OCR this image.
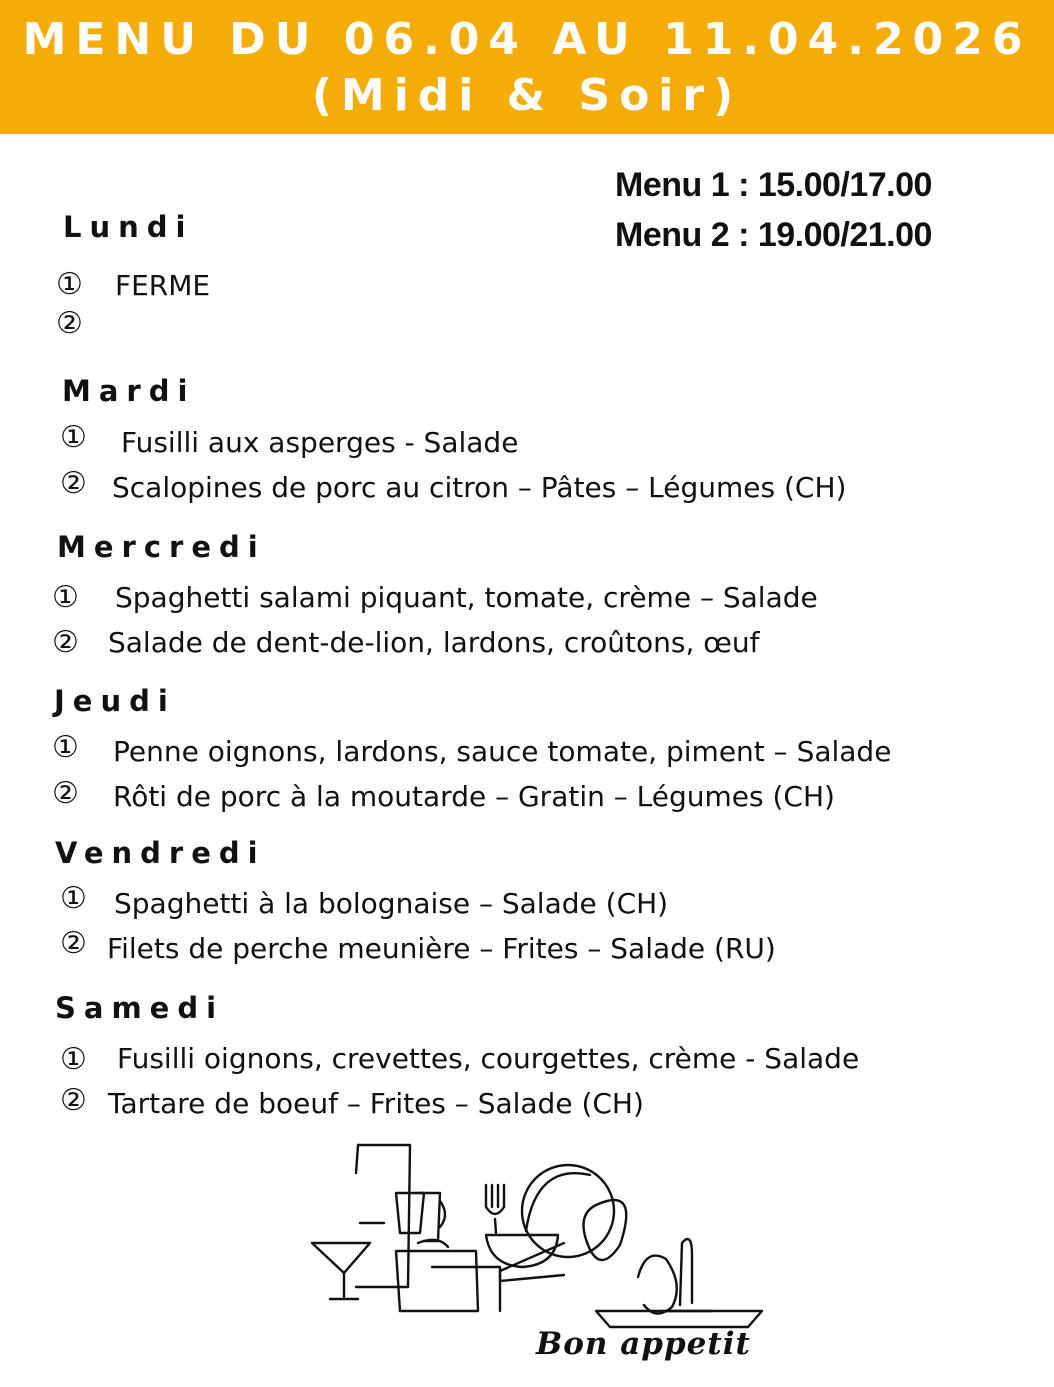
MENU DU 06.04 AU 11.04.2026
(Midi & Soir)
Menu 1 : 15.00/17.00
Menu 2 : 19.00/21.00
Lundi
① FERME
②
Mardi
① Fusilli aux asperges - Salade
② Scalopines de porc au citron – Pâtes – Légumes (CH)
Mercredi
① Spaghetti salami piquant, tomate, crème – Salade
② Salade de dent-de-lion, lardons, croûtons, œuf
Jeudi
① Penne oignons, lardons, sauce tomate, piment – Salade
② Rôti de porc à la moutarde – Gratin – Légumes (CH)
Vendredi
① Spaghetti à la bolognaise – Salade (CH)
② Filets de perche meunière – Frites – Salade (RU)
Samedi
① Fusilli oignons, crevettes, courgettes, crème - Salade
② Tartare de boeuf – Frites – Salade (CH)
Bon appetit
